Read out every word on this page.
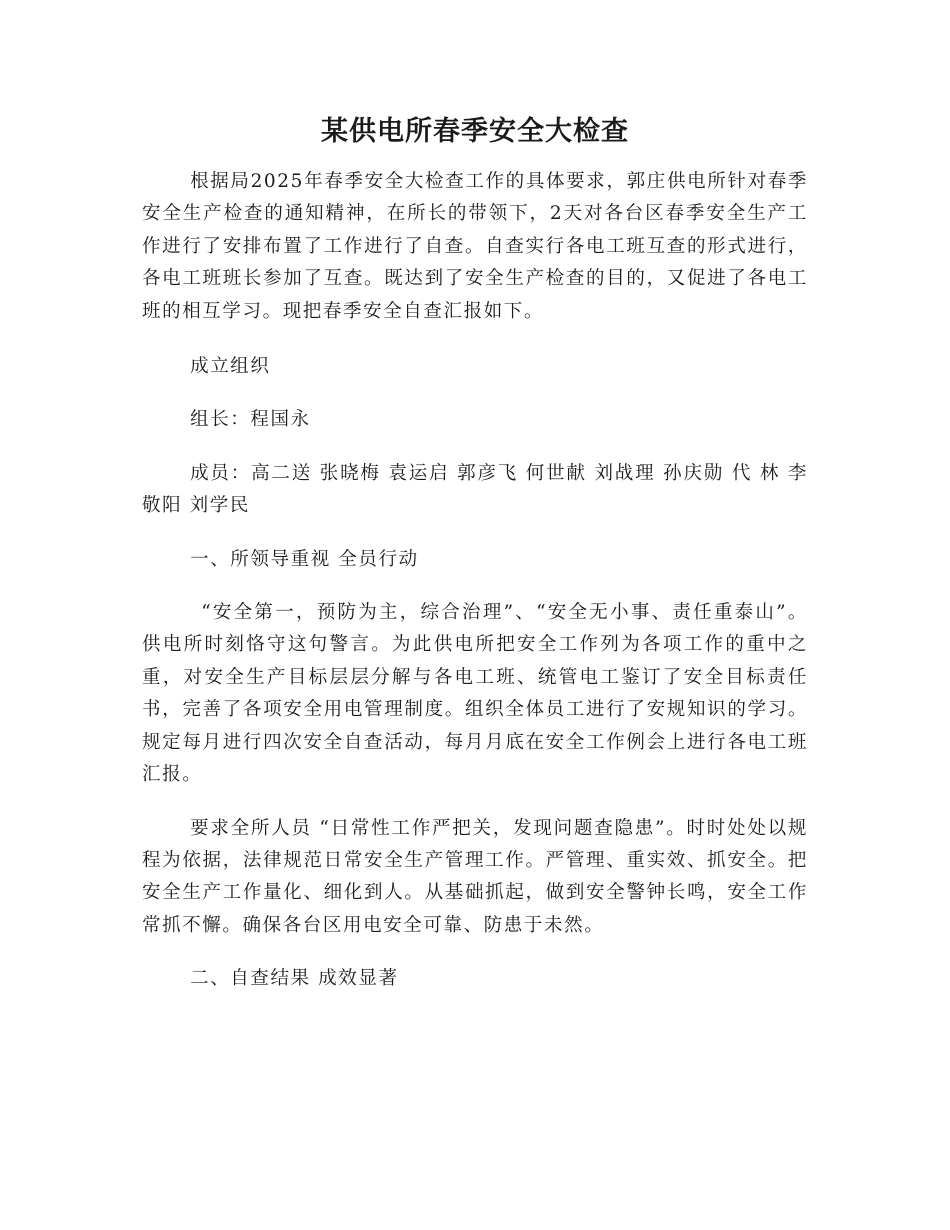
某供电所春季安全大检查

根据局2025年春季安全大检查工作的具体要求，郭庄供电所针对春季安全生产检查的通知精神，在所长的带领下，2天对各台区春季安全生产工作进行了安排布置了工作进行了自查。自查实行各电工班互查的形式进行，各电工班班长参加了互查。既达到了安全生产检查的目的，又促进了各电工班的相互学习。现把春季安全自查汇报如下。

成立组织

组长：程国永

成员：高二送 张晓梅 袁运启 郭彦飞 何世献 刘战理 孙庆勋 代 林 李敬阳 刘学民

一、所领导重视 全员行动

“安全第一，预防为主，综合治理”、“安全无小事、责任重泰山”。供电所时刻恪守这句警言。为此供电所把安全工作列为各项工作的重中之重，对安全生产目标层层分解与各电工班、统管电工鉴订了安全目标责任书，完善了各项安全用电管理制度。组织全体员工进行了安规知识的学习。规定每月进行四次安全自查活动，每月月底在安全工作例会上进行各电工班汇报。

要求全所人员 “日常性工作严把关，发现问题查隐患”。时时处处以规程为依据，法律规范日常安全生产管理工作。严管理、重实效、抓安全。把安全生产工作量化、细化到人。从基础抓起，做到安全警钟长鸣，安全工作常抓不懈。确保各台区用电安全可靠、防患于未然。

二、自查结果 成效显著
